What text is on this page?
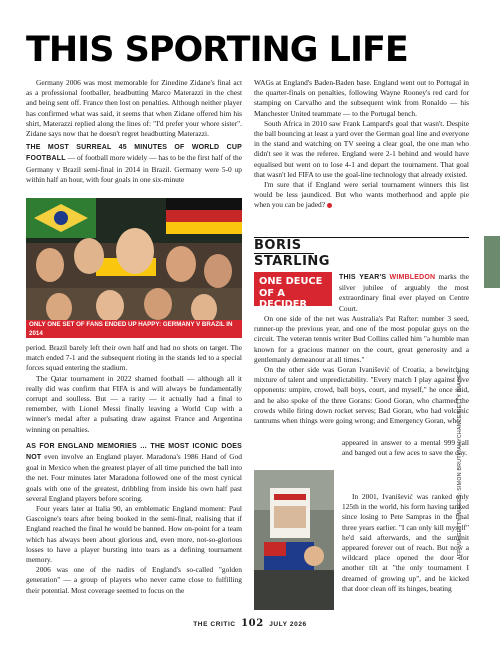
THIS SPORTING LIFE

Germany 2006 was most memorable for Zinedine Zidane's final act as a professional footballer, headbutting Marco Materazzi in the chest and being sent off. France then lost on penalties. Although neither player has confirmed what was said, it seems that when Zidane offered him his shirt, Materazzi replied along the lines of: "I'd prefer your whore sister". Zidane says now that he doesn't regret headbutting Materazzi.

THE MOST SURREAL 45 MINUTES OF WORLD CUP FOOTBALL — of football more widely — has to be the first half of the Germany v Brazil semi-final in 2014 in Brazil. Germany were 5-0 up within half an hour, with four goals in one six-minute

ONLY ONE SET OF FANS ENDED UP HAPPY: GERMANY V BRAZIL IN 2014

period. Brazil barely left their own half and had no shots on target. The match ended 7-1 and the subsequent rioting in the stands led to a special forces squad entering the stadium.

The Qatar tournament in 2022 shamed football — although all it really did was confirm that FIFA is and will always be fundamentally corrupt and soulless. But — a rarity — it actually had a final to remember, with Lionel Messi finally leaving a World Cup with a winner's medal after a pulsating draw against France and Argentina winning on penalties.

AS FOR ENGLAND MEMORIES … THE MOST ICONIC DOES NOT even involve an England player. Maradona's 1986 Hand of God goal in Mexico when the greatest player of all time punched the ball into the net. Four minutes later Maradona followed one of the most cynical goals with one of the greatest, dribbling from inside his own half past several England players before scoring.

Four years later at Italia 90, an emblematic England moment: Paul Gascoigne's tears after being booked in the semi-final, realising that if England reached the final he would be banned. How on-point for a team which has always been about glorious and, even more, not-so-glorious losses to have a player bursting into tears as a defining tournament memory.

2006 was one of the nadirs of England's so-called "golden generation" — a group of players who never came close to fulfilling their potential. Most coverage seemed to focus on the

WAGs at England's Baden-Baden base. England went out to Portugal in the quarter-finals on penalties, following Wayne Rooney's red card for stamping on Carvalho and the subsequent wink from Ronaldo — his Manchester United teammate — to the Portugal bench.

South Africa in 2010 saw Frank Lampard's goal that wasn't. Despite the ball bouncing at least a yard over the German goal line and everyone in the stand and watching on TV seeing a clear goal, the one man who didn't see it was the referee. England were 2-1 behind and would have equalised but went on to lose 4-1 and depart the tournament. That goal that wasn't led FIFA to use the goal-line technology that already existed.

I'm sure that if England were serial tournament winners this list would be less jaundiced. But who wants motherhood and apple pie when you can be jaded?

BORIS
STARLING
ONE DEUCE OF A DECIDER

THIS YEAR'S WIMBLEDON marks the silver jubilee of arguably the most extraordinary final ever played on Centre Court.

On one side of the net was Australia's Pat Rafter: number 3 seed, runner-up the previous year, and one of the most popular guys on the circuit. The veteran tennis writer Bud Collins called him "a humble man known for a gracious manner on the court, great generosity and a gentlemanly demeanour at all times."

On the other side was Goran Ivanišević of Croatia, a bewitching mixture of talent and unpredictability. "Every match I play against five opponents: umpire, crowd, ball boys, court, and myself," he once said, and he also spoke of the three Gorans: Good Goran, who charmed the crowds while firing down rocket serves; Bad Goran, who had volcanic tantrums when things were going wrong; and Emergency Goran, who

appeared in answer to a mental 999 call and banged out a few aces to save the day.

In 2001, Ivanišević was ranked only 125th in the world, his form having tanked since losing to Pete Sampras in the final three years earlier. "I can only kill myself" he'd said afterwards, and the summit appeared forever out of reach. But now a wildcard place opened the door for another tilt at "the only tournament I dreamed of growing up", and he kicked that door clean off its hinges, beating

AFP VIA GETTY IMAGES; SIMON BRUTY/ANYCHANCE/GETTY IMAGES
THE CRITIC 102 JULY 2026
